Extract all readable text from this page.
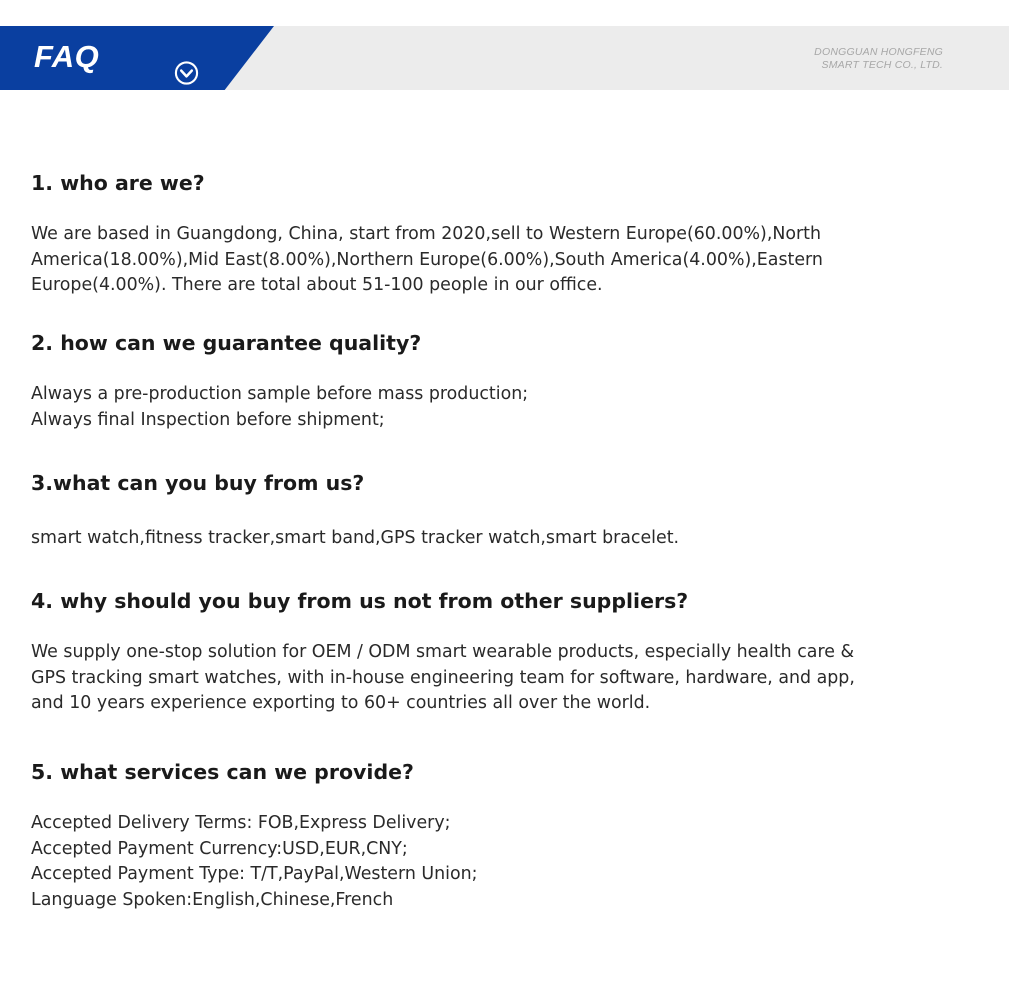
FAQ	DONGGUAN HONGFENG
SMART TECH CO., LTD.
1. who are we?

We are based in Guangdong, China, start from 2020,sell to Western Europe(60.00%),North
America(18.00%),Mid East(8.00%),Northern Europe(6.00%),South America(4.00%),Eastern
Europe(4.00%). There are total about 51-100 people in our office.

2. how can we guarantee quality?

Always a pre-production sample before mass production;
Always final Inspection before shipment;

3.what can you buy from us?

smart watch,fitness tracker,smart band,GPS tracker watch,smart bracelet.

4. why should you buy from us not from other suppliers?

We supply one-stop solution for OEM / ODM smart wearable products, especially health care &
GPS tracking smart watches, with in-house engineering team for software, hardware, and app,
and 10 years experience exporting to 60+ countries all over the world.

5. what services can we provide?

Accepted Delivery Terms: FOB,Express Delivery;
Accepted Payment Currency:USD,EUR,CNY;
Accepted Payment Type: T/T,PayPal,Western Union;
Language Spoken:English,Chinese,French
